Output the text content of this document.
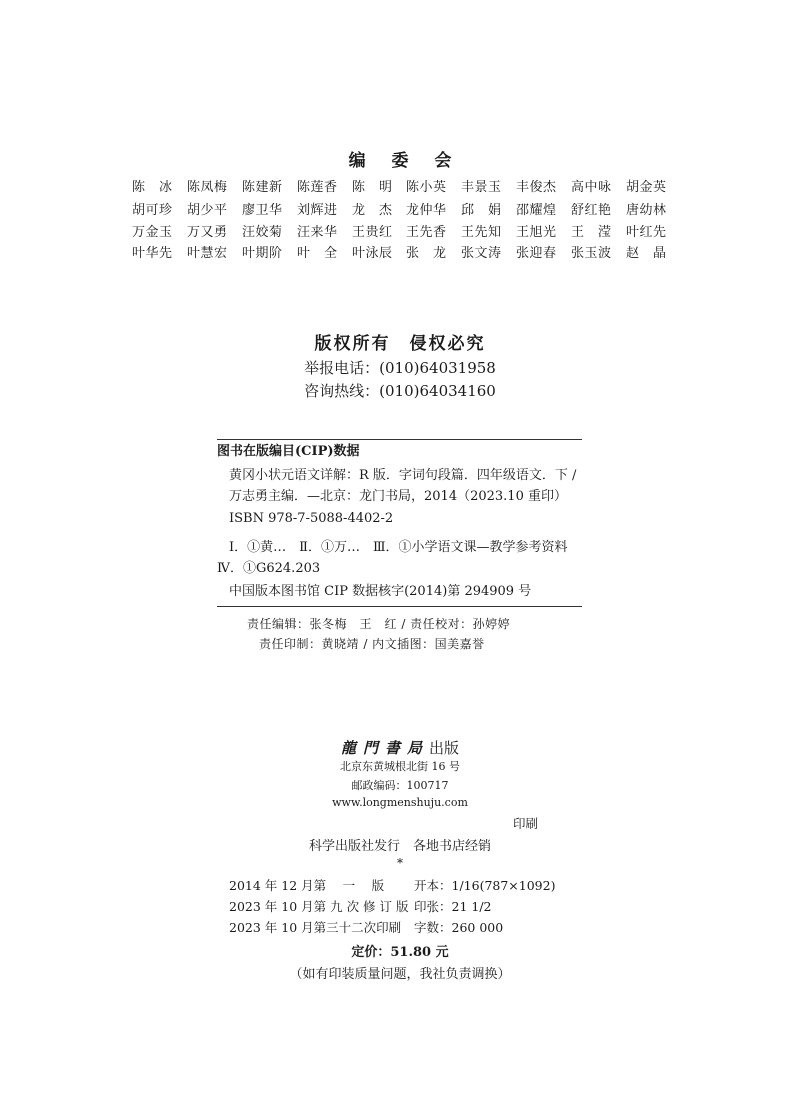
编 委 会
陈　冰	陈凤梅	陈建新	陈莲香	陈　明	陈小英	丰景玉	丰俊杰	高中咏	胡金英
胡可珍	胡少平	廖卫华	刘辉进	龙　杰	龙仲华	邱　娟	邵耀煌	舒红艳	唐幼林
万金玉	万又勇	汪姣菊	汪来华	王贵红	王先香	王先知	王旭光	王　滢	叶红先
叶华先	叶慧宏	叶期阶	叶　全	叶泳辰	张　龙	张文涛	张迎春	张玉波	赵　晶
版权所有　侵权必究
举报电话：(010)64031958
咨询热线：(010)64034160
图书在版编目(CIP)数据
黄冈小状元语文详解：R 版．字词句段篇．四年级语文．下 /
万志勇主编．—北京：龙门书局，2014（2023.10 重印）
ISBN 978-7-5088-4402-2
Ⅰ．①黄…　Ⅱ．①万…　Ⅲ．①小学语文课—教学参考资料
Ⅳ．①G624.203
中国版本图书馆 CIP 数据核字(2014)第 294909 号
责任编辑：张冬梅　王　红 / 责任校对：孙婷婷
责任印制：黄晓靖 / 内文插图：国美嘉誉
龍門書局出版
北京东黄城根北街 16 号
邮政编码：100717
www.longmenshuju.com
印刷
科学出版社发行　各地书店经销
*
2014 年 12 月第　 一　 版 开本：1/16(787×1092)
2023 年 10 月第 九 次 修 订 版 印张：21 1/2
2023 年 10 月第三十二次印刷 字数：260 000
定价：51.80 元
（如有印装质量问题，我社负责调换）
